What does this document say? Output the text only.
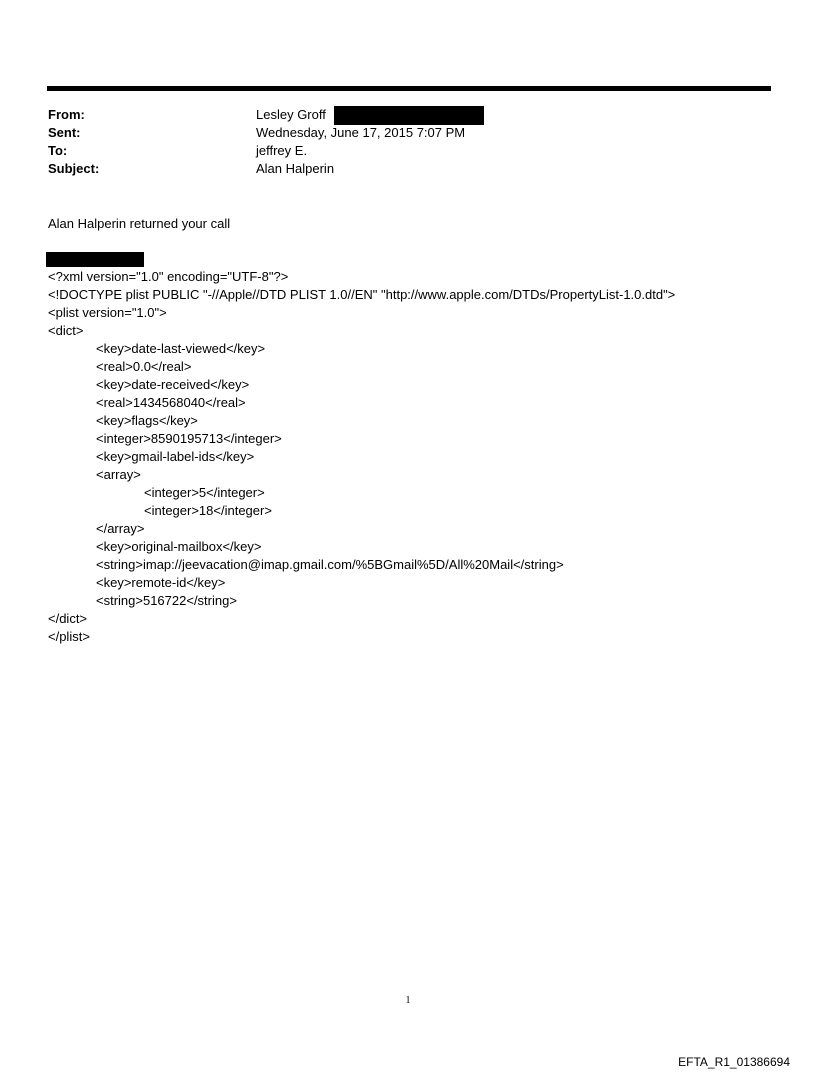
From:	Lesley Groff
Sent:	Wednesday, June 17, 2015 7:07 PM
To:	jeffrey E.
Subject:	Alan Halperin
Alan Halperin returned your call
<?xml version="1.0" encoding="UTF-8"?>
<!DOCTYPE plist PUBLIC "-//Apple//DTD PLIST 1.0//EN" "http://www.apple.com/DTDs/PropertyList-1.0.dtd">
<plist version="1.0">
<dict>
<key>date-last-viewed</key>
<real>0.0</real>
<key>date-received</key>
<real>1434568040</real>
<key>flags</key>
<integer>8590195713</integer>
<key>gmail-label-ids</key>
<array>
<integer>5</integer>
<integer>18</integer>
</array>
<key>original-mailbox</key>
<string>imap://jeevacation@imap.gmail.com/%5BGmail%5D/All%20Mail</string>
<key>remote-id</key>
<string>516722</string>
</dict>
</plist>
1
EFTA_R1_01386694
